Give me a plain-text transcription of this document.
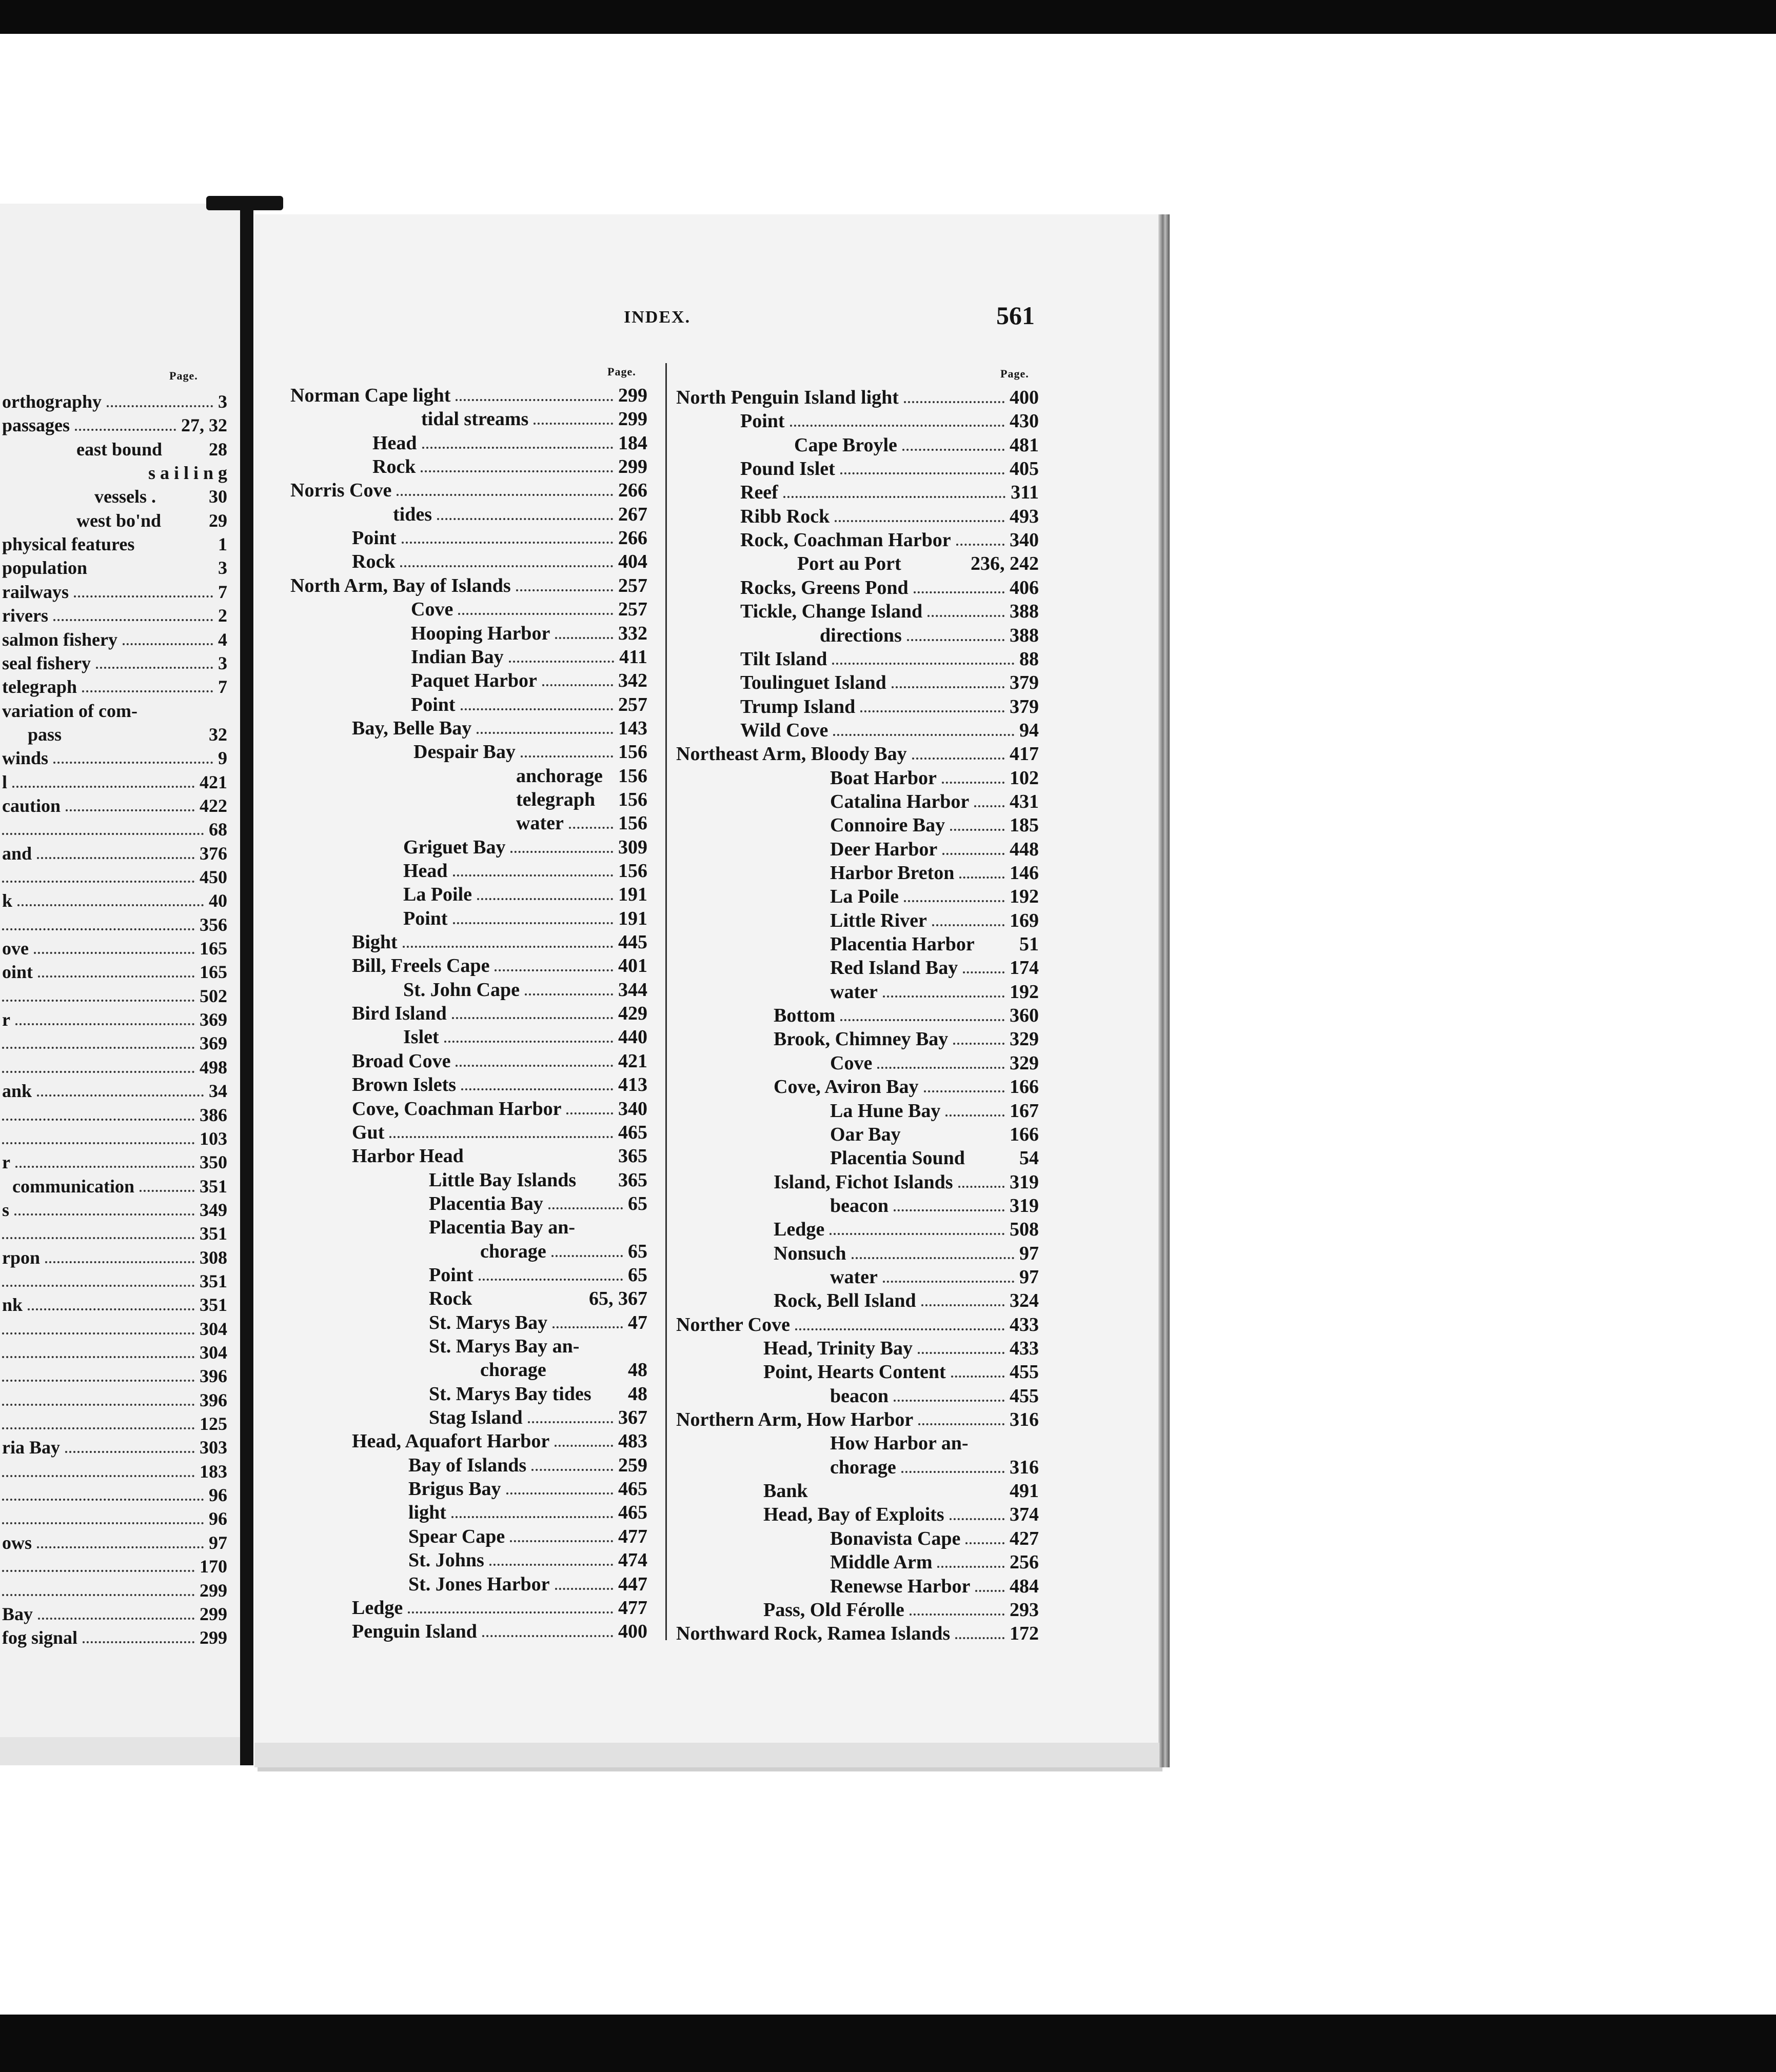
INDEX.	561
Page.	Page.	Page.
orthography	3
passages	27, 32
east bound	28
sailing
vessels .	30
west bo'nd	29
physical features	1
population	3
railways	7
rivers	2
salmon fishery	4
seal fishery	3
telegraph	7
variation of com-
pass	32
winds	9
l	421
caution	422
68
and	376
450
k	40
356
ove	165
oint	165
502
r	369
369
498
ank	34
386
103
r	350
communication	351
s	349
351
rpon	308
351
nk	351
304
304
396
396
125
ria Bay	303
183
96
96
ows	97
170
299
Bay	299
fog signal	299
Norman Cape light	299
tidal streams	299
Head	184
Rock	299
Norris Cove	266
tides	267
Point	266
Rock	404
North Arm, Bay of Islands	257
Cove	257
Hooping Harbor	332
Indian Bay	411
Paquet Harbor	342
Point	257
Bay, Belle Bay	143
Despair Bay	156
anchorage 156
telegraph 156
water	156
Griguet Bay	309
Head	156
La Poile	191
Point	191
Bight	445
Bill, Freels Cape	401
St. John Cape	344
Bird Island	429
Islet	440
Broad Cove	421
Brown Islets	413
Cove, Coachman Harbor	340
Gut	465
Harbor Head	365
Little Bay Islands 365
Placentia Bay	65
Placentia Bay an-
chorage	65
Point	65
Rock	65, 367
St. Marys Bay	47
St. Marys Bay an-
chorage	48
St. Marys Bay tides 48
Stag Island	367
Head, Aquafort Harbor	483
Bay of Islands	259
Brigus Bay	465
light	465
Spear Cape	477
St. Johns	474
St. Jones Harbor	447
Ledge	477
Penguin Island	400
North Penguin Island light	400
Point	430
Cape Broyle	481
Pound Islet	405
Reef	311
Ribb Rock	493
Rock, Coachman Harbor	340
Port au Port	236, 242
Rocks, Greens Pond	406
Tickle, Change Island	388
directions	388
Tilt Island	88
Toulinguet Island	379
Trump Island	379
Wild Cove	94
Northeast Arm, Bloody Bay	417
Boat Harbor	102
Catalina Harbor 431
Connoire Bay	185
Deer Harbor	448
Harbor Breton	146
La Poile	192
Little River	169
Placentia Harbor 51
Red Island Bay	174
water	192
Bottom	360
Brook, Chimney Bay	329
Cove	329
Cove, Aviron Bay	166
La Hune Bay	167
Oar Bay	166
Placentia Sound	54
Island, Fichot Islands	319
beacon	319
Ledge	508
Nonsuch	97
water	97
Rock, Bell Island	324
Norther Cove	433
Head, Trinity Bay	433
Point, Hearts Content	455
beacon	455
Northern Arm, How Harbor	316
How Harbor an-
chorage	316
Bank	491
Head, Bay of Exploits	374
Bonavista Cape	427
Middle Arm	256
Renewse Harbor 484
Pass, Old Férolle	293
Northward Rock, Ramea Islands	172
